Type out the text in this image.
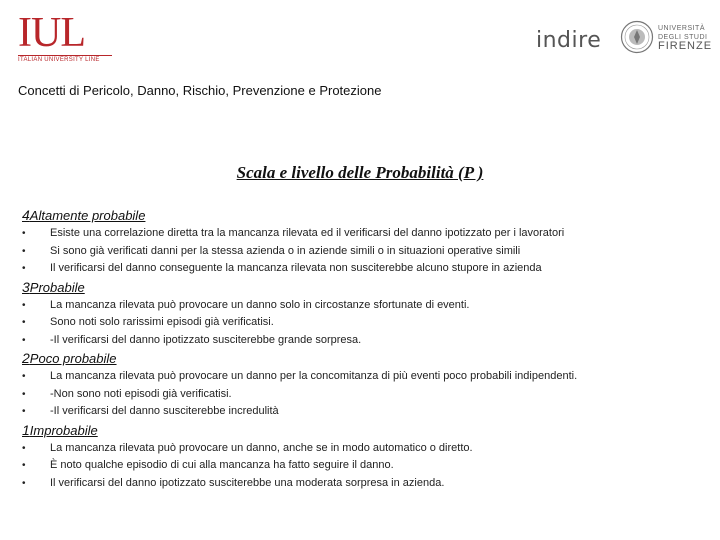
IUL
ITALIAN UNIVERSITY LINE
indire	UNIVERSITÀ
DEGLI STUDI
FIRENZE
Concetti di Pericolo, Danno, Rischio, Prevenzione e Protezione
Scala e livello delle Probabilità (P )
4Altamente probabile
• Esiste una correlazione diretta tra la mancanza rilevata ed il verificarsi del danno ipotizzato per i lavoratori
• Si sono già verificati danni per la stessa azienda o in aziende simili o in situazioni operative simili
• Il verificarsi del danno conseguente la mancanza rilevata non susciterebbe alcuno stupore in azienda
3Probabile
• La mancanza rilevata può provocare un danno solo in circostanze sfortunate di eventi.
• Sono noti solo rarissimi episodi già verificatisi.
• -Il verificarsi del danno ipotizzato susciterebbe grande sorpresa.
2Poco probabile
• La mancanza rilevata può provocare un danno per la concomitanza di più eventi poco probabili indipendenti.
• -Non sono noti episodi già verificatisi.
• -Il verificarsi del danno susciterebbe incredulità
1Improbabile
• La mancanza rilevata può provocare un danno, anche se in modo automatico o diretto.
• È noto qualche episodio di cui alla mancanza ha fatto seguire il danno.
• Il verificarsi del danno ipotizzato susciterebbe una moderata sorpresa in azienda.
